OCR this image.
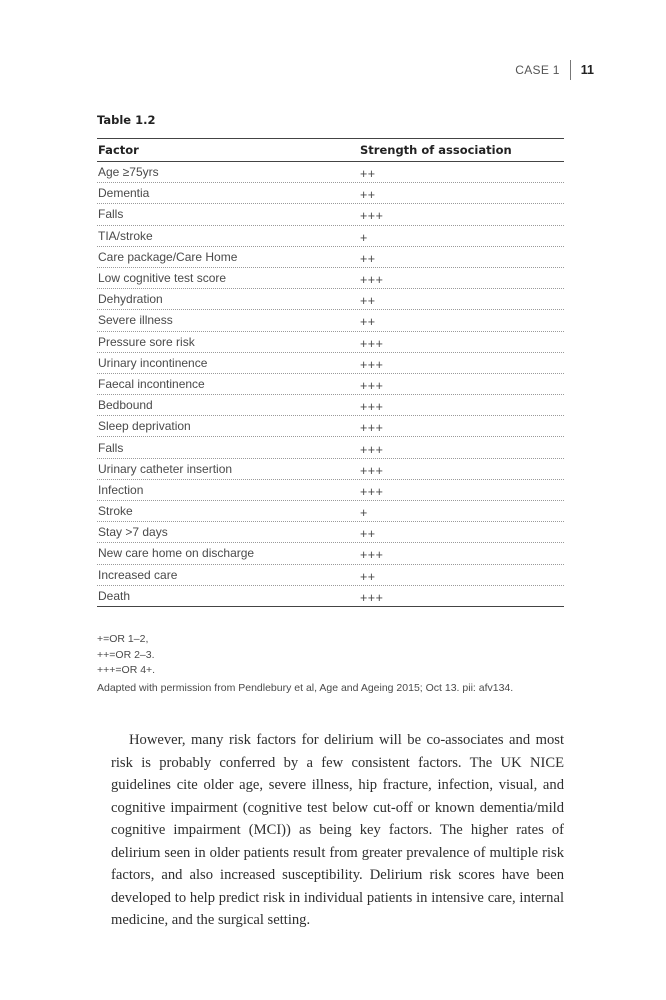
CASE 1 11
Table 1.2
Factor	Strength of association
Age ≥75yrs	++
Dementia	++
Falls	+++
TIA/stroke	+
Care package/Care Home	++
Low cognitive test score	+++
Dehydration	++
Severe illness	++
Pressure sore risk	+++
Urinary incontinence	+++
Faecal incontinence	+++
Bedbound	+++
Sleep deprivation	+++
Falls	+++
Urinary catheter insertion	+++
Infection	+++
Stroke	+
Stay >7 days	++
New care home on discharge	+++
Increased care	++
Death	+++
+=OR 1–2,
++=OR 2–3.
+++=OR 4+.
Adapted with permission from Pendlebury et al, Age and Ageing 2015; Oct 13. pii: afv134.

However, many risk factors for delirium will be co-associates and most risk is probably conferred by a few consistent factors. The UK NICE guidelines cite older age, severe illness, hip fracture, infection, visual, and cognitive impairment (cognitive test below cut-off or known dementia/mild cognitive impairment (MCI)) as being key factors. The higher rates of delirium seen in older patients result from greater prevalence of multiple risk factors, and also increased susceptibility. Delirium risk scores have been developed to help predict risk in individual patients in intensive care, internal medicine, and the surgical setting.
